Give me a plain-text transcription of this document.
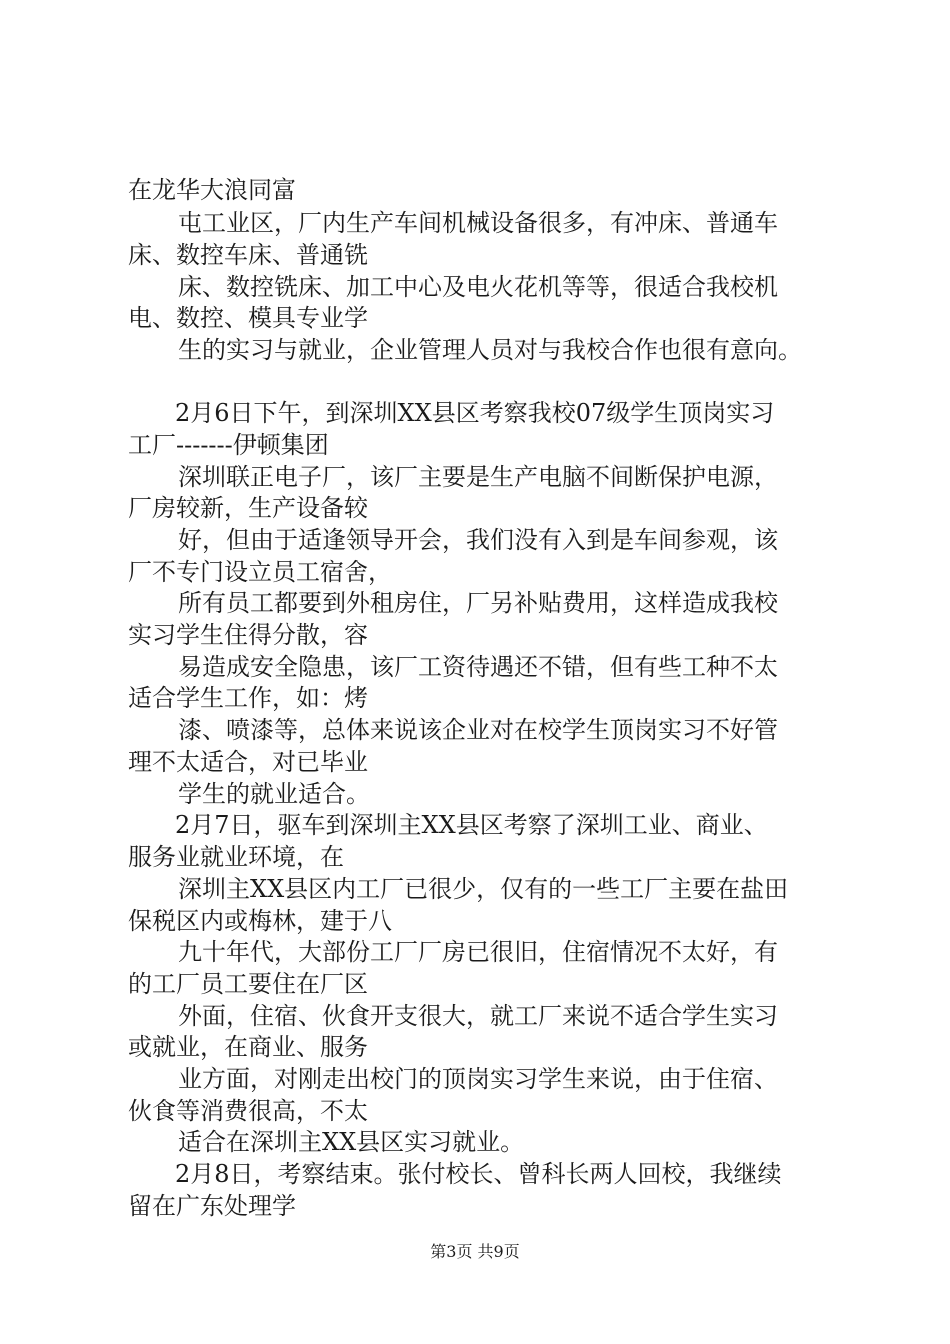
在龙华大浪同富
屯工业区，厂内生产车间机械设备很多，有冲床、普通车
床、数控车床、普通铣
床、数控铣床、加工中心及电火花机等等，很适合我校机
电、数控、模具专业学
生的实习与就业，企业管理人员对与我校合作也很有意向。
2月6日下午，到深圳XX县区考察我校07级学生顶岗实习
工厂-------伊顿集团
深圳联正电子厂，该厂主要是生产电脑不间断保护电源，
厂房较新，生产设备较
好，但由于适逢领导开会，我们没有入到是车间参观，该
厂不专门设立员工宿舍，
所有员工都要到外租房住，厂另补贴费用，这样造成我校
实习学生住得分散，容
易造成安全隐患，该厂工资待遇还不错，但有些工种不太
适合学生工作，如：烤
漆、喷漆等，总体来说该企业对在校学生顶岗实习不好管
理不太适合，对已毕业
学生的就业适合。
2月7日，驱车到深圳主XX县区考察了深圳工业、商业、
服务业就业环境，在
深圳主XX县区内工厂已很少，仅有的一些工厂主要在盐田
保税区内或梅林，建于八
九十年代，大部份工厂厂房已很旧，住宿情况不太好，有
的工厂员工要住在厂区
外面，住宿、伙食开支很大，就工厂来说不适合学生实习
或就业，在商业、服务
业方面，对刚走出校门的顶岗实习学生来说，由于住宿、
伙食等消费很高，不太
适合在深圳主XX县区实习就业。
2月8日，考察结束。张付校长、曾科长两人回校，我继续
留在广东处理学
第3页 共9页
